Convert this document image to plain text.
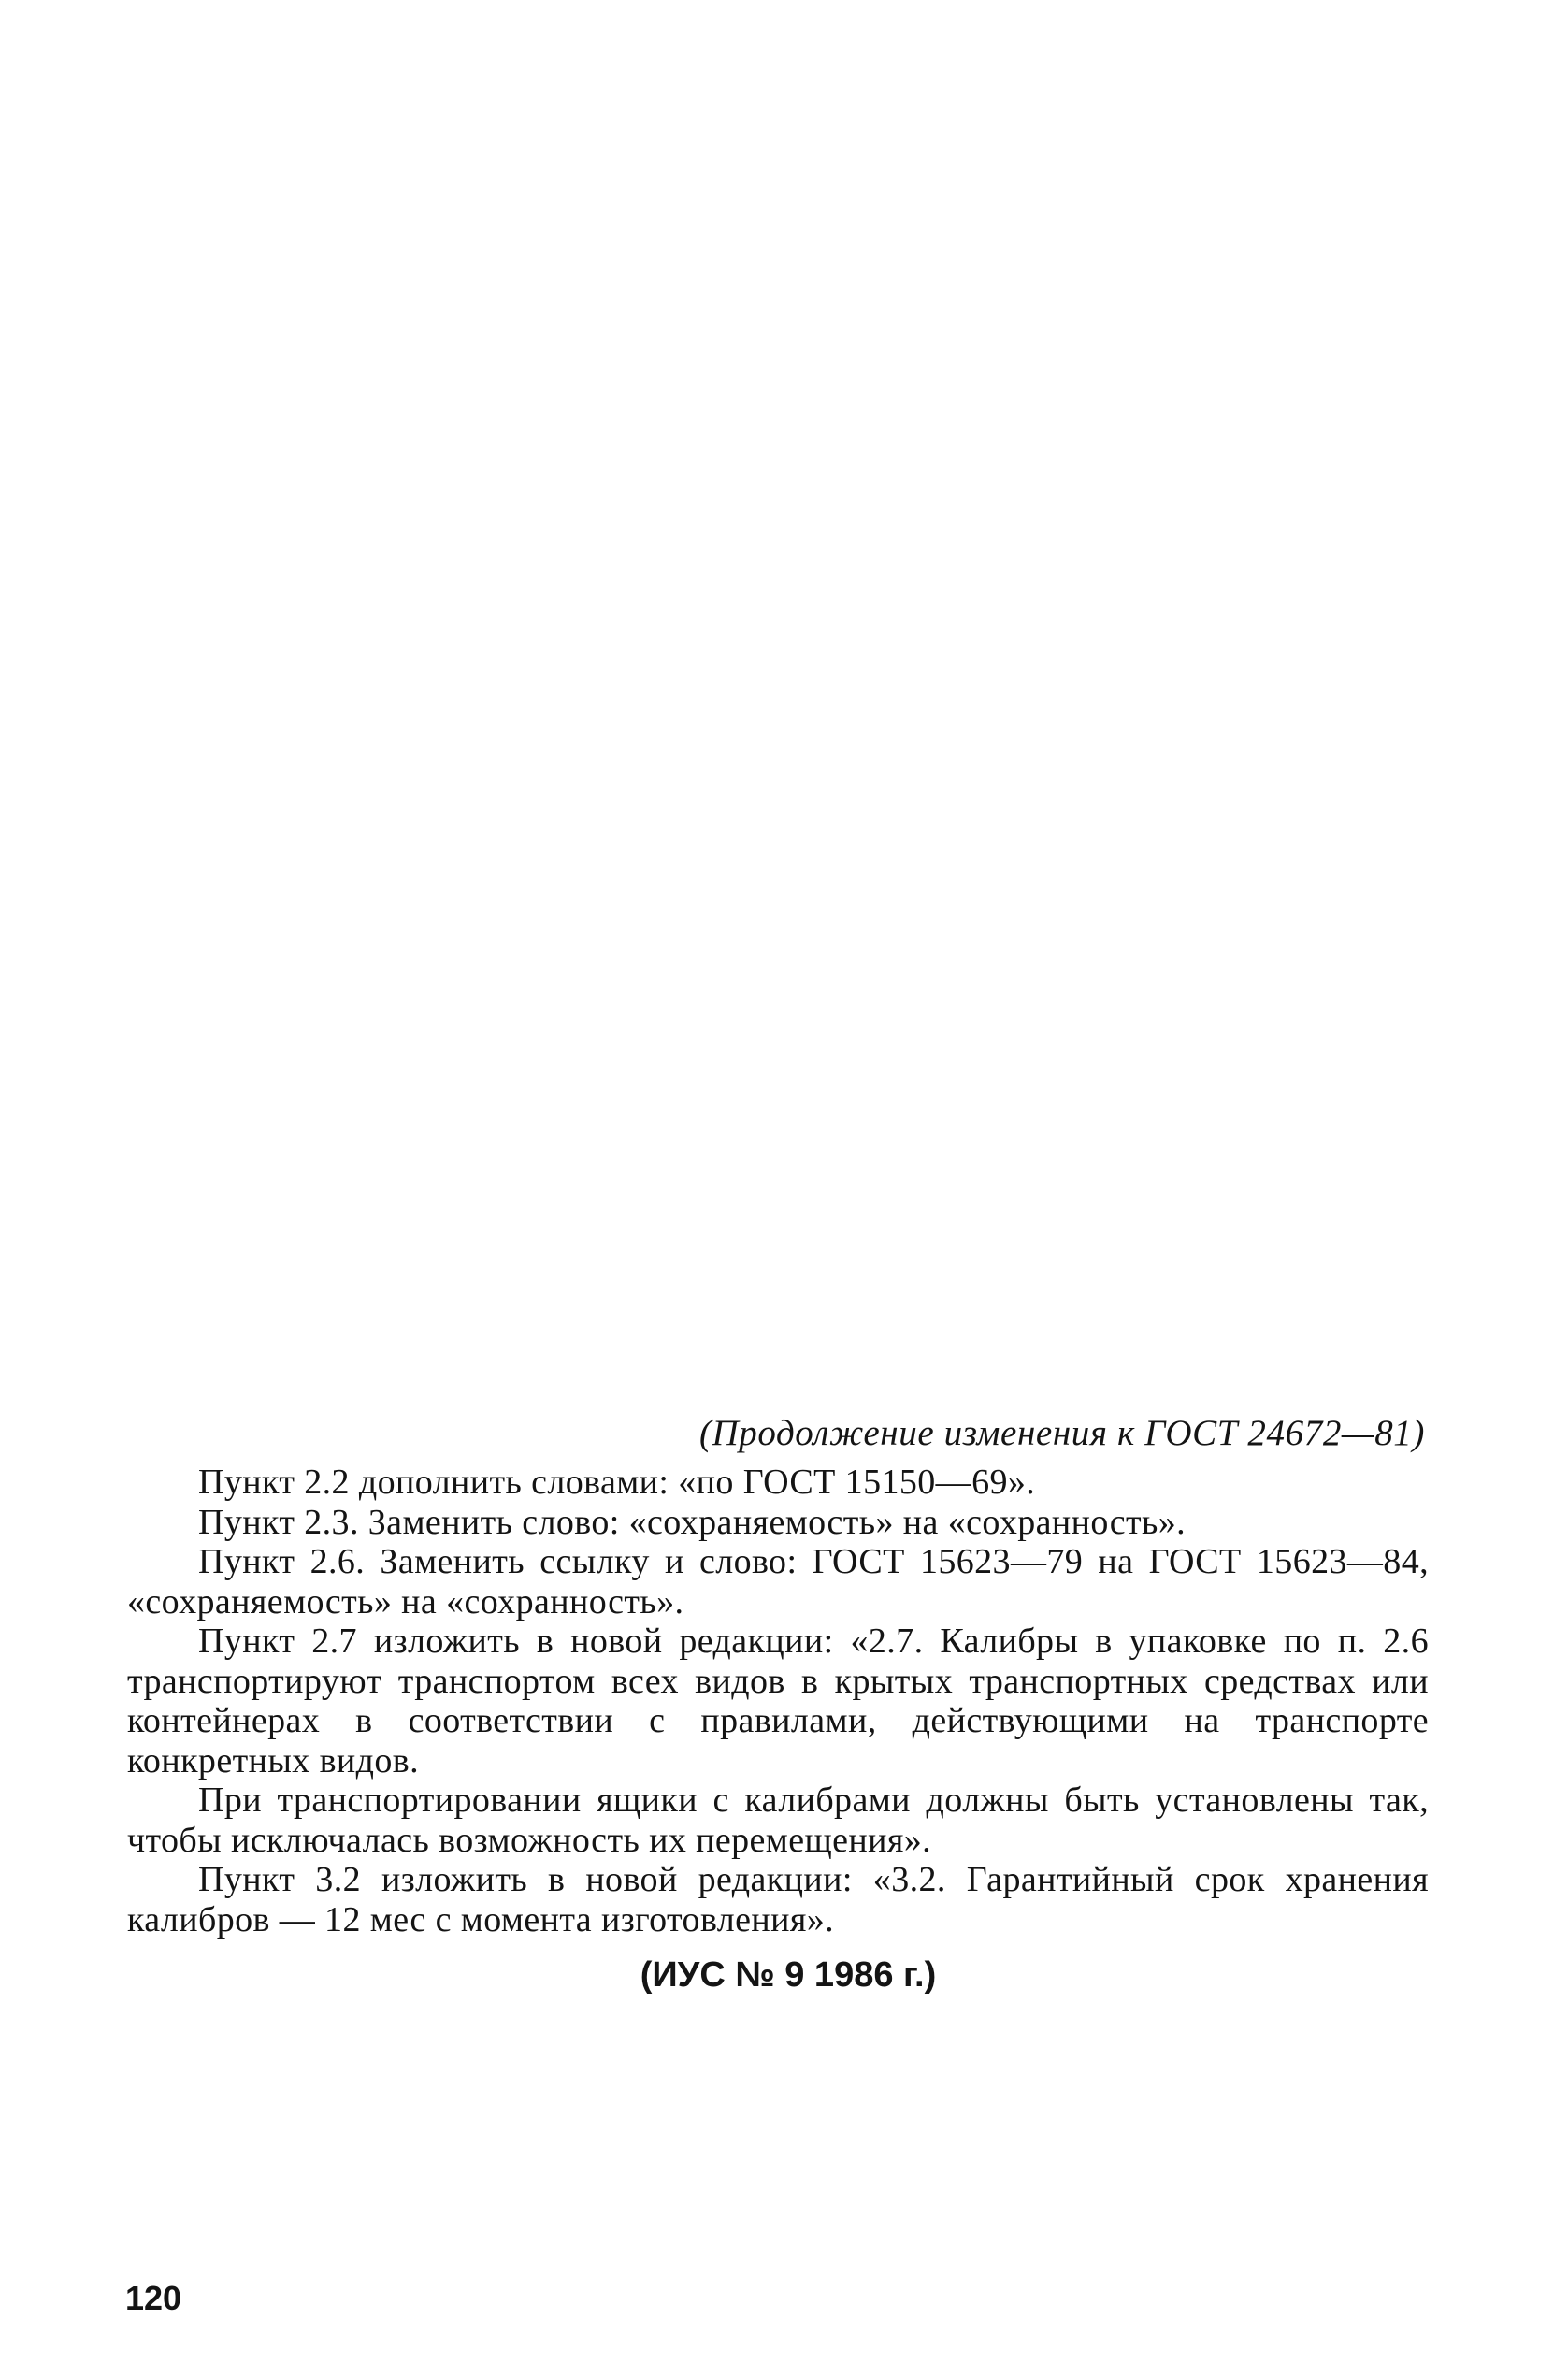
(Продолжение изменения к ГОСТ 24672—81)

Пункт 2.2 дополнить словами: «по ГОСТ 15150—69».

Пункт 2.3. Заменить слово: «сохраняемость» на «сохранность».

Пункт 2.6. Заменить ссылку и слово: ГОСТ 15623—79 на ГОСТ 15623—84, «сохраняемость» на «сохранность».

Пункт 2.7 изложить в новой редакции: «2.7. Калибры в упаковке по п. 2.6 транспортируют транспортом всех видов в крытых транспортных средствах или контейнерах в соответствии с правилами, действующими на транспорте конкретных видов.

При транспортировании ящики с калибрами должны быть установлены так, чтобы исключалась возможность их перемещения».

Пункт 3.2 изложить в новой редакции: «3.2. Гарантийный срок хранения калибров — 12 мес с момента изготовления».

(ИУС № 9 1986 г.)
120
